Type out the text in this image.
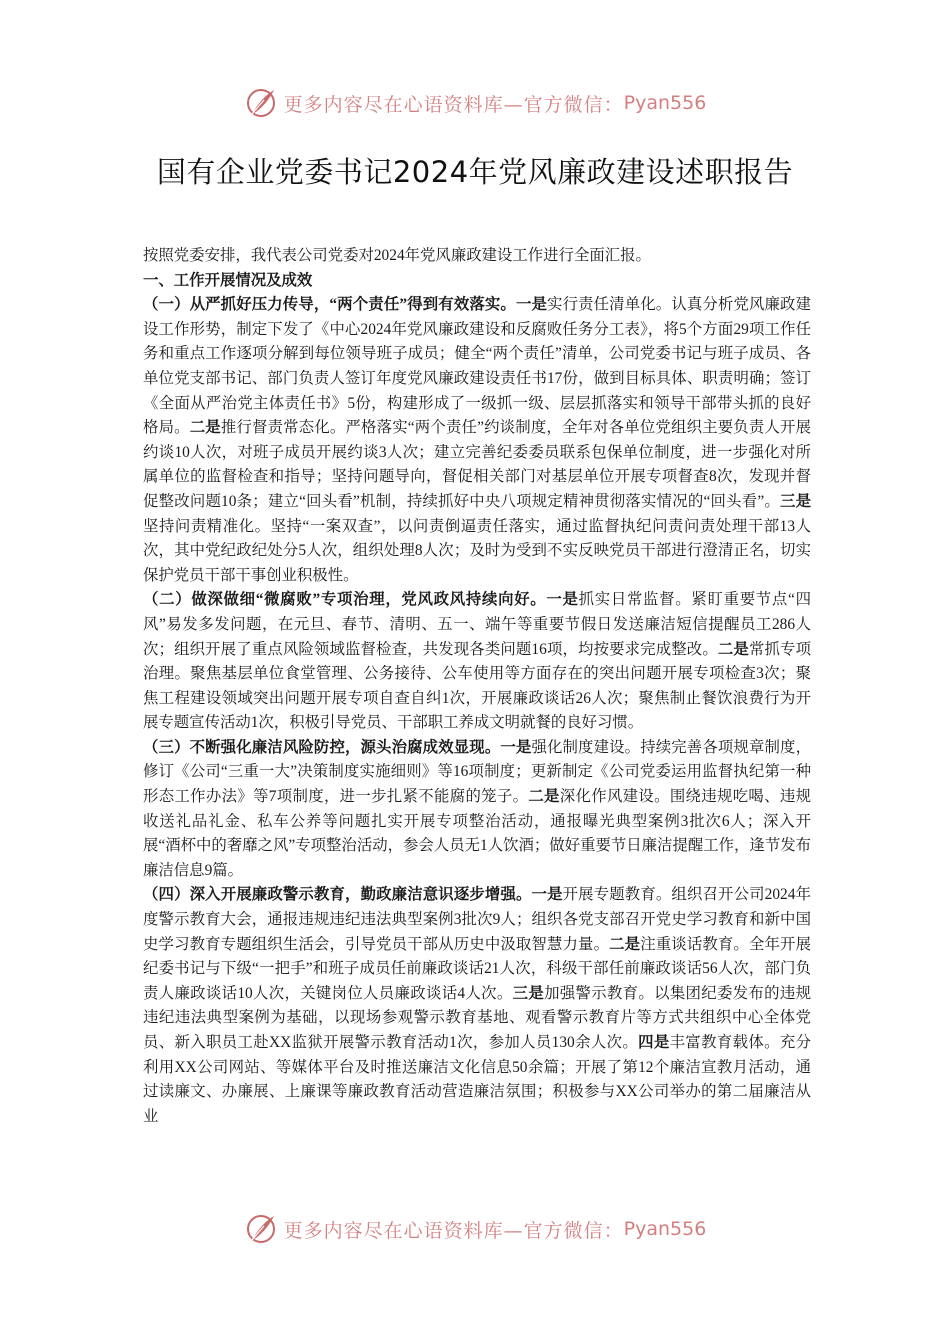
更多内容尽在心语资料库—官方微信： Pyan556
国有企业党委书记2024年党风廉政建设述职报告

按照党委安排，我代表公司党委对2024年党风廉政建设工作进行全面汇报。

一、工作开展情况及成效

（一）从严抓好压力传导，“两个责任”得到有效落实。一是实行责任清单化。认真分析党风廉政建设工作形势，制定下发了《中心2024年党风廉政建设和反腐败任务分工表》，将5个方面29项工作任务和重点工作逐项分解到每位领导班子成员；健全“两个责任”清单，公司党委书记与班子成员、各单位党支部书记、部门负责人签订年度党风廉政建设责任书17份，做到目标具体、职责明确；签订《全面从严治党主体责任书》5份，构建形成了一级抓一级、层层抓落实和领导干部带头抓的良好格局。二是推行督责常态化。严格落实“两个责任”约谈制度，全年对各单位党组织主要负责人开展约谈10人次，对班子成员开展约谈3人次；建立完善纪委委员联系包保单位制度，进一步强化对所属单位的监督检查和指导；坚持问题导向，督促相关部门对基层单位开展专项督查8次，发现并督促整改问题10条；建立“回头看”机制，持续抓好中央八项规定精神贯彻落实情况的“回头看”。三是坚持问责精准化。坚持“一案双查”，以问责倒逼责任落实，通过监督执纪问责问责处理干部13人次，其中党纪政纪处分5人次，组织处理8人次；及时为受到不实反映党员干部进行澄清正名，切实保护党员干部干事创业积极性。

（二）做深做细“微腐败”专项治理，党风政风持续向好。一是抓实日常监督。紧盯重要节点“四风”易发多发问题，在元旦、春节、清明、五一、端午等重要节假日发送廉洁短信提醒员工286人次；组织开展了重点风险领域监督检查，共发现各类问题16项，均按要求完成整改。二是常抓专项治理。聚焦基层单位食堂管理、公务接待、公车使用等方面存在的突出问题开展专项检查3次；聚焦工程建设领域突出问题开展专项自查自纠1次，开展廉政谈话26人次；聚焦制止餐饮浪费行为开展专题宣传活动1次，积极引导党员、干部职工养成文明就餐的良好习惯。

（三）不断强化廉洁风险防控，源头治腐成效显现。一是强化制度建设。持续完善各项规章制度，修订《公司“三重一大”决策制度实施细则》等16项制度；更新制定《公司党委运用监督执纪第一种形态工作办法》等7项制度，进一步扎紧不能腐的笼子。二是深化作风建设。围绕违规吃喝、违规收送礼品礼金、私车公养等问题扎实开展专项整治活动，通报曝光典型案例3批次6人；深入开展“酒杯中的奢靡之风”专项整治活动，参会人员无1人饮酒；做好重要节日廉洁提醒工作，逢节发布廉洁信息9篇。

（四）深入开展廉政警示教育，勤政廉洁意识逐步增强。一是开展专题教育。组织召开公司2024年度警示教育大会，通报违规违纪违法典型案例3批次9人；组织各党支部召开党史学习教育和新中国史学习教育专题组织生活会，引导党员干部从历史中汲取智慧力量。二是注重谈话教育。全年开展纪委书记与下级“一把手”和班子成员任前廉政谈话21人次，科级干部任前廉政谈话56人次，部门负责人廉政谈话10人次，关键岗位人员廉政谈话4人次。三是加强警示教育。以集团纪委发布的违规违纪违法典型案例为基础，以现场参观警示教育基地、观看警示教育片等方式共组织中心全体党员、新入职员工赴XX监狱开展警示教育活动1次，参加人员130余人次。四是丰富教育载体。充分利用XX公司网站、等媒体平台及时推送廉洁文化信息50余篇；开展了第12个廉洁宣教月活动，通过读廉文、办廉展、上廉课等廉政教育活动营造廉洁氛围；积极参与XX公司举办的第二届廉洁从业

更多内容尽在心语资料库—官方微信： Pyan556
